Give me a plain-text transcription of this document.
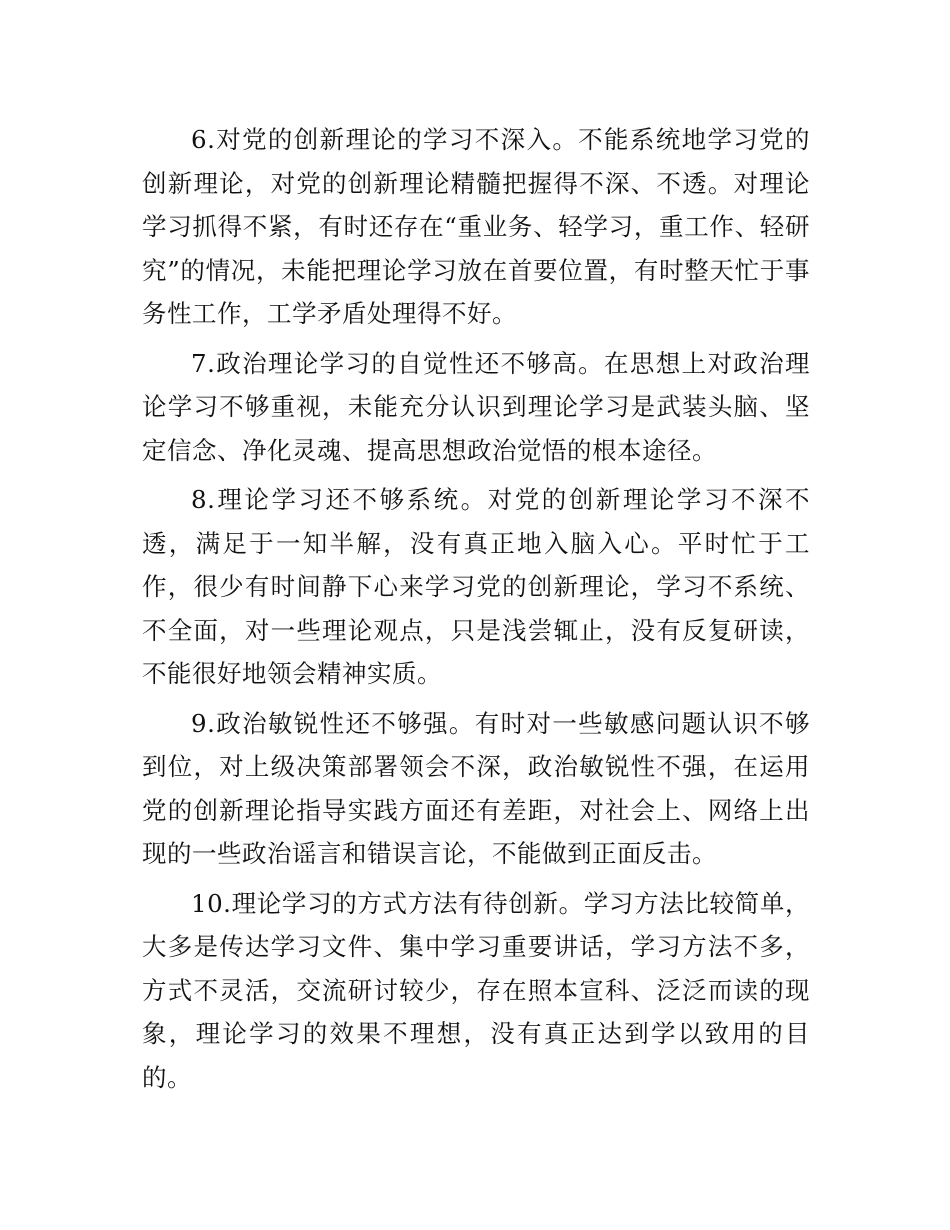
6.对党的创新理论的学习不深入。不能系统地学习党的创新理论，对党的创新理论精髓把握得不深、不透。对理论学习抓得不紧，有时还存在“重业务、轻学习，重工作、轻研究”的情况，未能把理论学习放在首要位置，有时整天忙于事务性工作，工学矛盾处理得不好。

7.政治理论学习的自觉性还不够高。在思想上对政治理论学习不够重视，未能充分认识到理论学习是武装头脑、坚定信念、净化灵魂、提高思想政治觉悟的根本途径。

8.理论学习还不够系统。对党的创新理论学习不深不透，满足于一知半解，没有真正地入脑入心。平时忙于工作，很少有时间静下心来学习党的创新理论，学习不系统、不全面，对一些理论观点，只是浅尝辄止，没有反复研读，不能很好地领会精神实质。

9.政治敏锐性还不够强。有时对一些敏感问题认识不够到位，对上级决策部署领会不深，政治敏锐性不强，在运用党的创新理论指导实践方面还有差距，对社会上、网络上出现的一些政治谣言和错误言论，不能做到正面反击。

10.理论学习的方式方法有待创新。学习方法比较简单，大多是传达学习文件、集中学习重要讲话，学习方法不多，方式不灵活，交流研讨较少，存在照本宣科、泛泛而读的现象，理论学习的效果不理想，没有真正达到学以致用的目的。
